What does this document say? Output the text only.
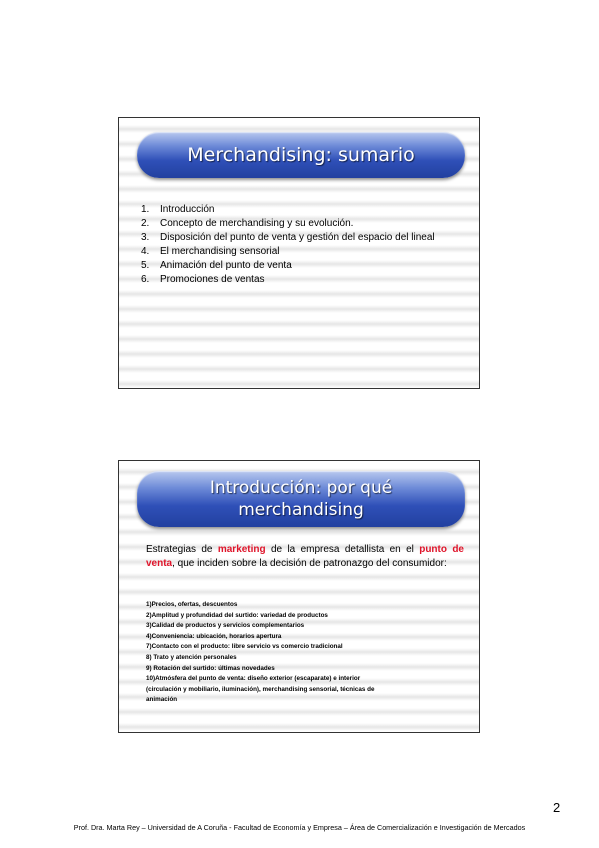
Merchandising: sumario
1.	Introducción
2.	Concepto de merchandising y su evolución.
3.	Disposición del punto de venta y gestión del espacio del lineal
4.	El merchandising sensorial
5.	Animación del punto de venta
6.	Promociones de ventas
Introducción: por qué
merchandising
Estrategias de marketing de la empresa detallista en el punto de venta, que inciden sobre la decisión de patronazgo del consumidor:
1)Precios, ofertas, descuentos
2)Amplitud y profundidad del surtido: variedad de productos
3)Calidad de productos y servicios complementarios
4)Conveniencia: ubicación, horarios apertura
7)Contacto con el producto: libre servicio vs comercio tradicional
8) Trato y atención personales
9) Rotación del surtido: últimas novedades
10)Atmósfera del punto de venta: diseño exterior (escaparate) e interior
(circulación y mobiliario, iluminación), merchandising sensorial, técnicas de
animación
2
Prof. Dra. Marta Rey – Universidad de A Coruña - Facultad de Economía y Empresa – Área de Comercialización e Investigación de Mercados
